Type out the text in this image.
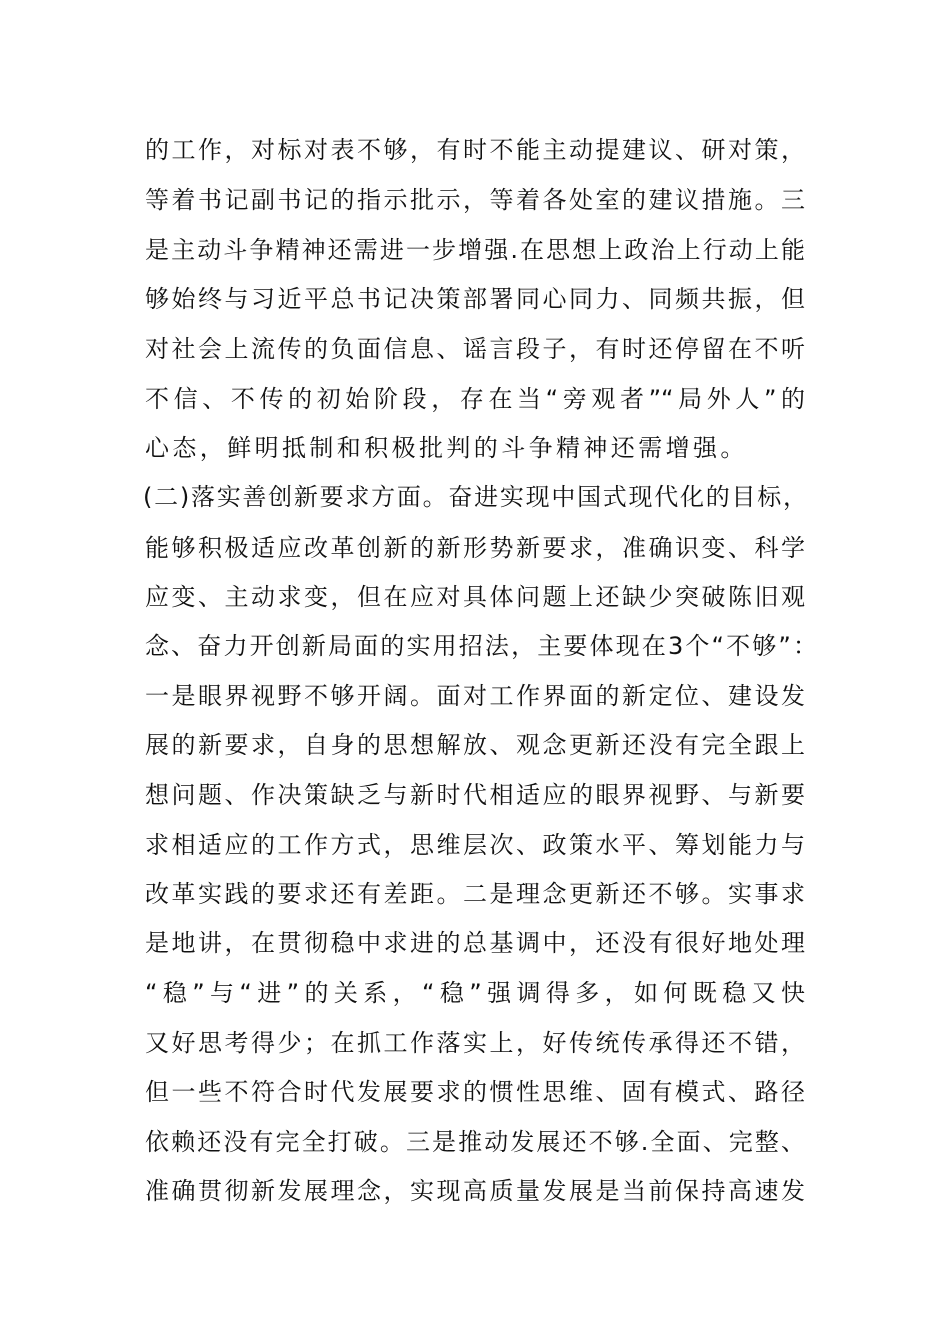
的工作，对标对表不够，有时不能主动提建议、研对策，
等着书记副书记的指示批示，等着各处室的建议措施。三
是主动斗争精神还需进一步增强.在思想上政治上行动上能
够始终与习近平总书记决策部署同心同力、同频共振，但
对社会上流传的负面信息、谣言段子，有时还停留在不听
不信、不传的初始阶段，存在当“旁观者”“局外人”的
心态，鲜明抵制和积极批判的斗争精神还需增强。
(二)落实善创新要求方面。奋进实现中国式现代化的目标，
能够积极适应改革创新的新形势新要求，准确识变、科学
应变、主动求变，但在应对具体问题上还缺少突破陈旧观
念、奋力开创新局面的实用招法，主要体现在3个“不够”：
一是眼界视野不够开阔。面对工作界面的新定位、建设发
展的新要求，自身的思想解放、观念更新还没有完全跟上
想问题、作决策缺乏与新时代相适应的眼界视野、与新要
求相适应的工作方式，思维层次、政策水平、筹划能力与
改革实践的要求还有差距。二是理念更新还不够。实事求
是地讲，在贯彻稳中求进的总基调中，还没有很好地处理
“稳”与“进”的关系，“稳”强调得多，如何既稳又快
又好思考得少；在抓工作落实上，好传统传承得还不错，
但一些不符合时代发展要求的惯性思维、固有模式、路径
依赖还没有完全打破。三是推动发展还不够.全面、完整、
准确贯彻新发展理念，实现高质量发展是当前保持高速发
